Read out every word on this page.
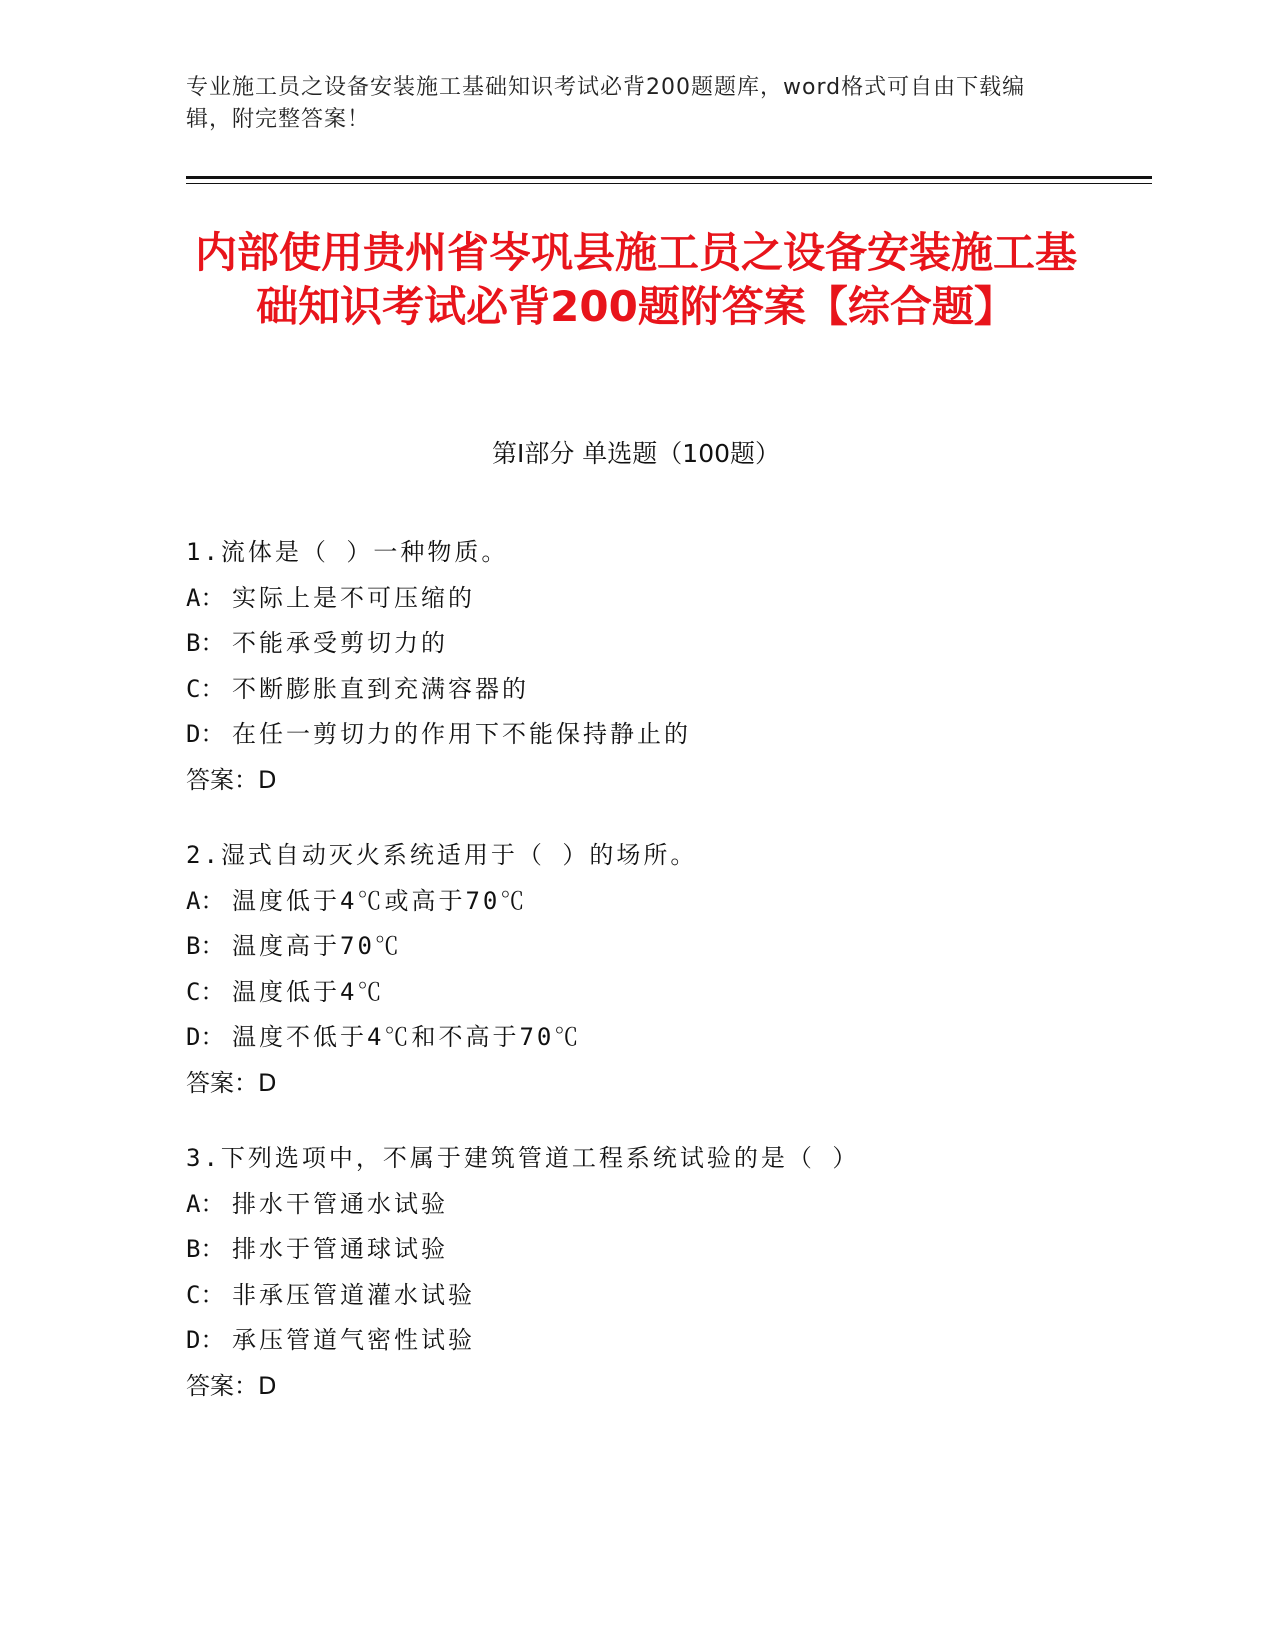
专业施工员之设备安装施工基础知识考试必背200题题库，word格式可自由下载编辑，附完整答案！
内部使用贵州省岑巩县施工员之设备安装施工基础知识考试必背200题附答案【综合题】
第I部分 单选题（100题）
1.流体是（ ）一种物质。
A： 实际上是不可压缩的
B： 不能承受剪切力的
C： 不断膨胀直到充满容器的
D： 在任一剪切力的作用下不能保持静止的
答案：D
2.湿式自动灭火系统适用于（ ）的场所。
A： 温度低于4℃或高于70℃
B： 温度高于70℃
C： 温度低于4℃
D： 温度不低于4℃和不高于70℃
答案：D
3.下列选项中，不属于建筑管道工程系统试验的是（ ）
A： 排水干管通水试验
B： 排水于管通球试验
C： 非承压管道灌水试验
D： 承压管道气密性试验
答案：D
